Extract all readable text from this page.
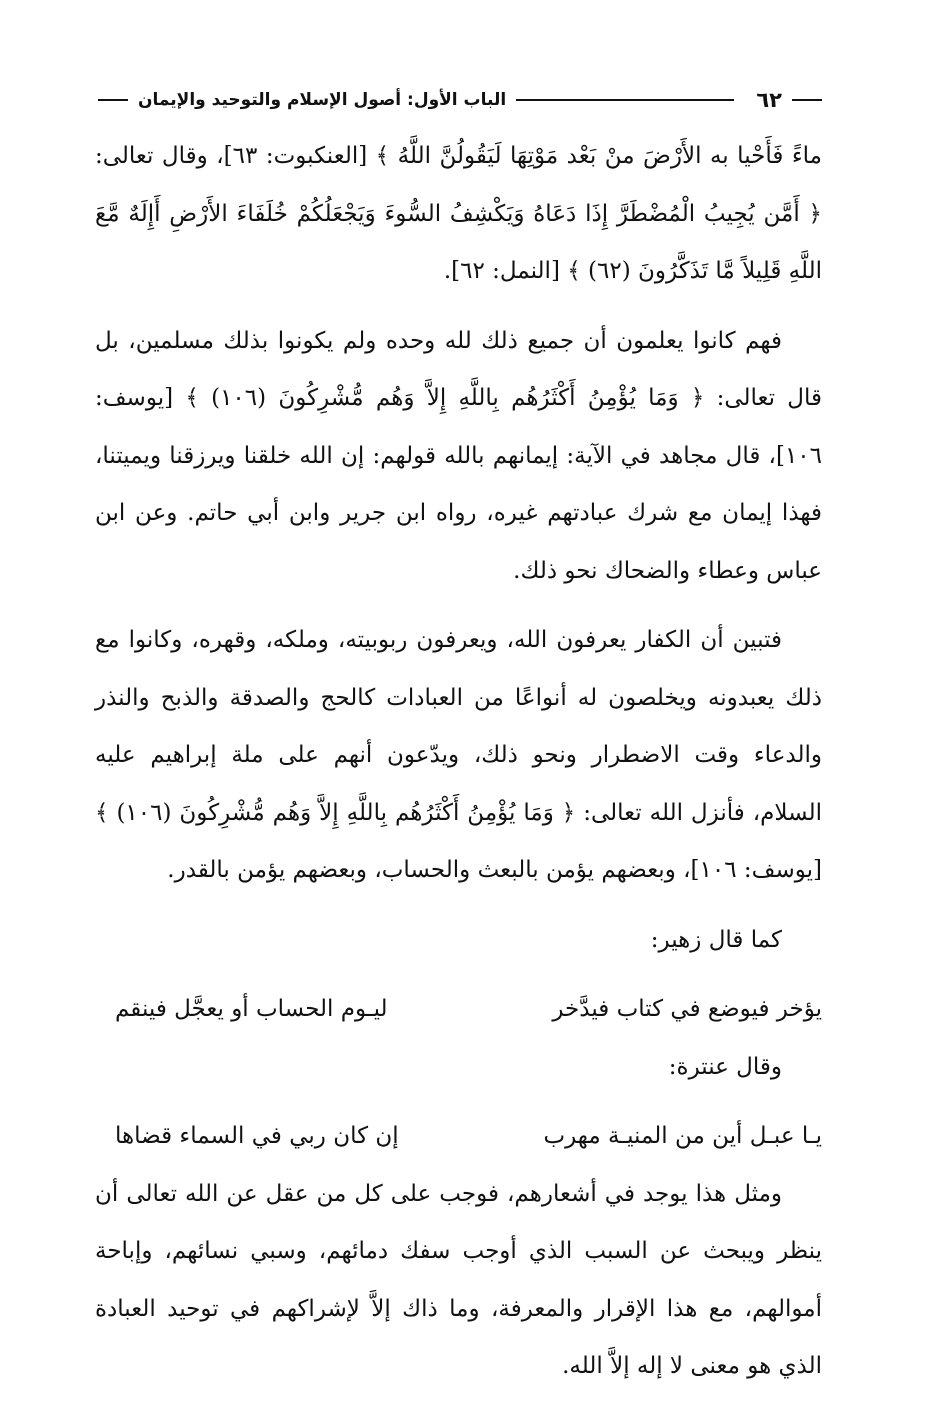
٦٢
الباب الأول: أصول الإسلام والتوحيد والإيمان

ماءً فَأَحْيا به الأَرْضَ منْ بَعْد مَوْتِهَا لَيَقُولُنَّ اللَّهُ ﴾ [العنكبوت: ٦٣]، وقال تعالى: ﴿ أَمَّن يُجِيبُ الْمُضْطَرَّ إِذَا دَعَاهُ وَيَكْشِفُ السُّوءَ وَيَجْعَلُكُمْ خُلَفَاءَ الأَرْضِ أَإِلَهٌ مَّعَ اللَّهِ قَلِيلاً مَّا تَذَكَّرُونَ (٦٢) ﴾ [النمل: ٦٢].

فهم كانوا يعلمون أن جميع ذلك لله وحده ولم يكونوا بذلك مسلمين، بل قال تعالى: ﴿ وَمَا يُؤْمِنُ أَكْثَرُهُم بِاللَّهِ إِلاَّ وَهُم مُّشْرِكُونَ (١٠٦) ﴾ [يوسف: ١٠٦]، قال مجاهد في الآية: إيمانهم بالله قولهم: إن الله خلقنا ويرزقنا ويميتنا، فهذا إيمان مع شرك عبادتهم غيره، رواه ابن جرير وابن أبي حاتم. وعن ابن عباس وعطاء والضحاك نحو ذلك.

فتبين أن الكفار يعرفون الله، ويعرفون ربوبيته، وملكه، وقهره، وكانوا مع ذلك يعبدونه ويخلصون له أنواعًا من العبادات كالحج والصدقة والذبح والنذر والدعاء وقت الاضطرار ونحو ذلك، ويدّعون أنهم على ملة إبراهيم عليه السلام، فأنزل الله تعالى: ﴿ وَمَا يُؤْمِنُ أَكْثَرُهُم بِاللَّهِ إِلاَّ وَهُم مُّشْرِكُونَ (١٠٦) ﴾ [يوسف: ١٠٦]، وبعضهم يؤمن بالبعث والحساب، وبعضهم يؤمن بالقدر.

كما قال زهير:

يؤخر فيوضع في كتاب فيدَّخر
ليـوم الحساب أو يعجَّل فينقم

وقال عنترة:

يـا عبـل أين من المنيـة مهرب
إن كان ربي في السماء قضاها

ومثل هذا يوجد في أشعارهم، فوجب على كل من عقل عن الله تعالى أن ينظر ويبحث عن السبب الذي أوجب سفك دمائهم، وسبي نسائهم، وإباحة أموالهم، مع هذا الإقرار والمعرفة، وما ذاك إلاَّ لإشراكهم في توحيد العبادة الذي هو معنى لا إله إلاَّ الله.
